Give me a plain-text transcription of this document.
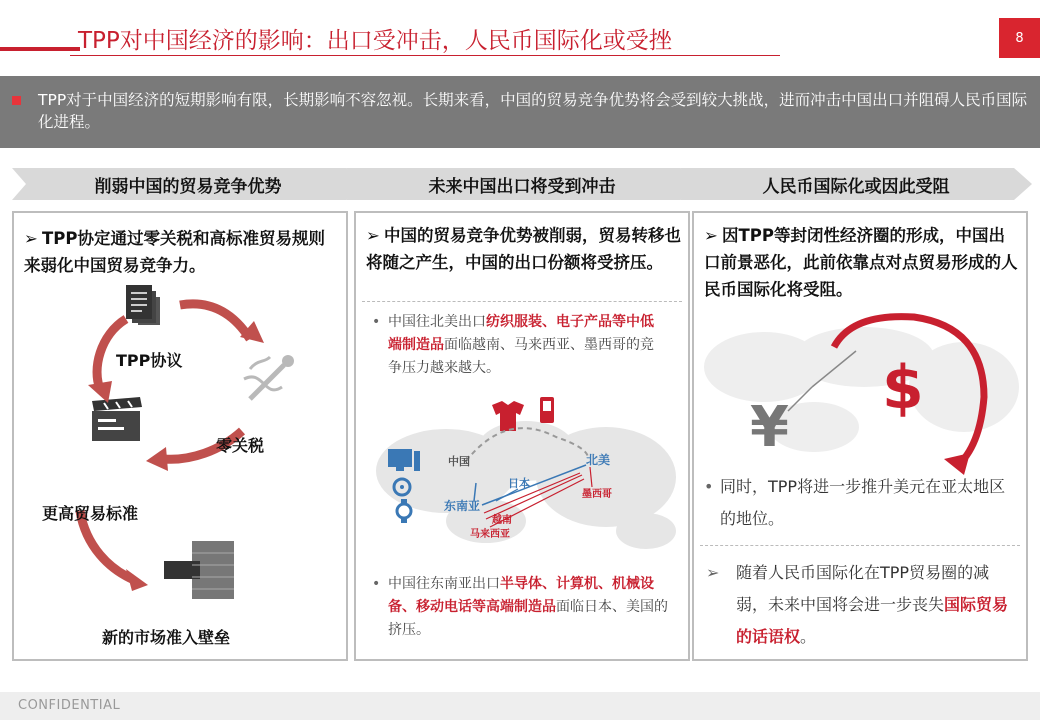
TPP对中国经济的影响：出口受冲击，人民币国际化或受挫	8
TPP对于中国经济的短期影响有限，长期影响不容忽视。长期来看，中国的贸易竞争优势将会受到较大挑战，进而冲击中国出口并阻碍人民币国际化进程。
削弱中国的贸易竞争优势	未来中国出口将受到冲击	人民币国际化或因此受阻
➢ TPP协定通过零关税和高标准贸易规则来弱化中国贸易竞争力。
TPP协议
零关税
更高贸易标准
新的市场准入壁垒
➢ 中国的贸易竞争优势被削弱，贸易转移也将随之产生，中国的出口份额将受挤压。
• 中国往北美出口纺织服装、电子产品等中低端制造品面临越南、马来西亚、墨西哥的竞争压力越来越大。
中国	北美
日本
东南亚
墨西哥
越南
马来西亚
• 中国往东南亚出口半导体、计算机、机械设备、移动电话等高端制造品面临日本、美国的挤压。
➢ 因TPP等封闭性经济圈的形成，中国出口前景恶化，此前依靠点对点贸易形成的人民币国际化将受阻。
¥
$
• 同时，TPP将进一步推升美元在亚太地区的地位。
➢ 随着人民币国际化在TPP贸易圈的减弱，未来中国将会进一步丧失国际贸易的话语权。
CONFIDENTIAL
